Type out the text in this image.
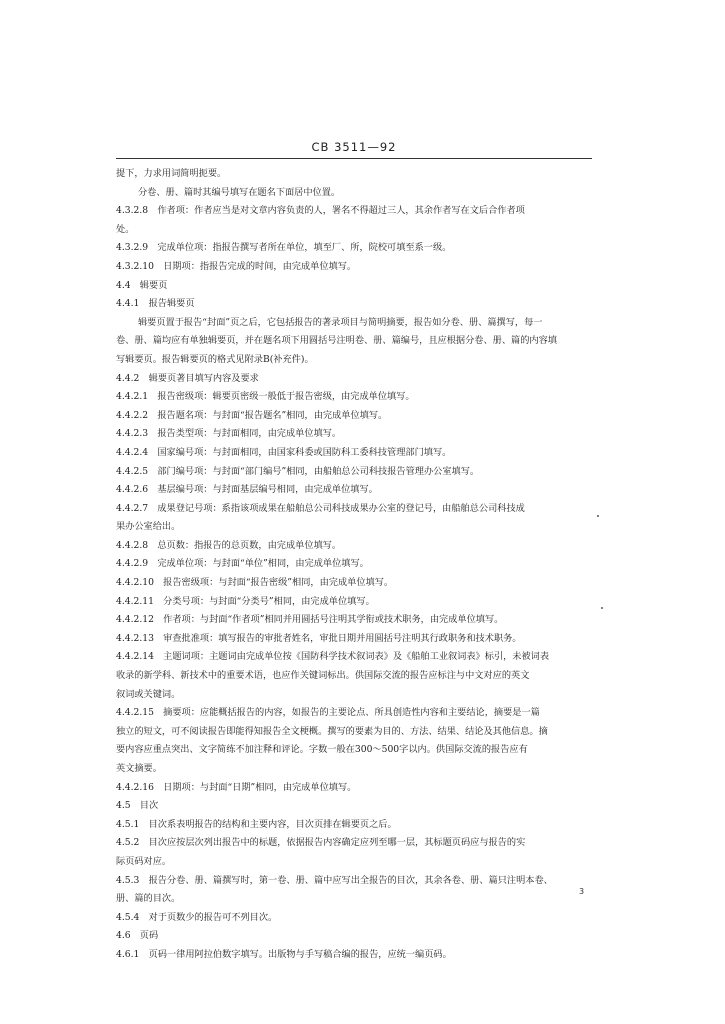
CB 3511—92

提下，力求用词简明扼要。

分卷、册、篇时其编号填写在题名下面居中位置。

4.3.2.8　作者项：作者应当是对文章内容负责的人，署名不得超过三人，其余作者写在文后合作者项

处。

4.3.2.9　完成单位项：指报告撰写者所在单位，填至厂、所，院校可填至系一级。

4.3.2.10　日期项：指报告完成的时间，由完成单位填写。

4.4　辑要页

4.4.1　报告辑要页

辑要页置于报告“封面”页之后，它包括报告的著录项目与简明摘要，报告如分卷、册、篇撰写，每一

卷、册、篇均应有单独辑要页，并在题名项下用圆括号注明卷、册、篇编号，且应根据分卷、册、篇的内容填

写辑要页。报告辑要页的格式见附录B(补充件)。

4.4.2　辑要页著目填写内容及要求

4.4.2.1　报告密级项：辑要页密级一般低于报告密级，由完成单位填写。

4.4.2.2　报告题名项：与封面“报告题名”相同，由完成单位填写。

4.4.2.3　报告类型项：与封面相同，由完成单位填写。

4.4.2.4　国家编号项：与封面相同，由国家科委或国防科工委科技管理部门填写。

4.4.2.5　部门编号项：与封面“部门编号”相同，由船舶总公司科技报告管理办公室填写。

4.4.2.6　基层编号项：与封面基层编号相同，由完成单位填写。

4.4.2.7　成果登记号项：系指该项成果在船舶总公司科技成果办公室的登记号，由船舶总公司科技成

果办公室给出。

4.4.2.8　总页数：指报告的总页数，由完成单位填写。

4.4.2.9　完成单位项：与封面“单位”相同，由完成单位填写。

4.4.2.10　报告密级项：与封面“报告密级”相同，由完成单位填写。

4.4.2.11　分类号项：与封面“分类号”相同，由完成单位填写。

4.4.2.12　作者项：与封面“作者项”相同并用圆括号注明其学衔或技术职务，由完成单位填写。

4.4.2.13　审查批准项：填写报告的审批者姓名，审批日期并用圆括号注明其行政职务和技术职务。

4.4.2.14　主题词项：主题词由完成单位按《国防科学技术叙词表》及《船舶工业叙词表》标引，未被词表

收录的新学科、新技术中的重要术语，也应作关键词标出。供国际交流的报告应标注与中文对应的英文

叙词或关键词。

4.4.2.15　摘要项：应能概括报告的内容，如报告的主要论点、所具创造性内容和主要结论，摘要是一篇

独立的短文，可不阅读报告即能得知报告全文梗概。撰写的要素为目的、方法、结果、结论及其他信息。摘

要内容应重点突出、文字简练不加注释和评论。字数一般在300～500字以内。供国际交流的报告应有

英文摘要。

4.4.2.16　日期项：与封面“日期”相同，由完成单位填写。

4.5　目次

4.5.1　目次系表明报告的结构和主要内容，目次页排在辑要页之后。

4.5.2　目次应按层次列出报告中的标题，依据报告内容确定应列至哪一层，其标题页码应与报告的实

际页码对应。

4.5.3　报告分卷、册、篇撰写时，第一卷、册、篇中应写出全报告的目次，其余各卷、册、篇只注明本卷、

册、篇的目次。

4.5.4　对于页数少的报告可不列目次。

4.6　页码

4.6.1　页码一律用阿拉伯数字填写。出版物与手写稿合编的报告，应统一编页码。

3
